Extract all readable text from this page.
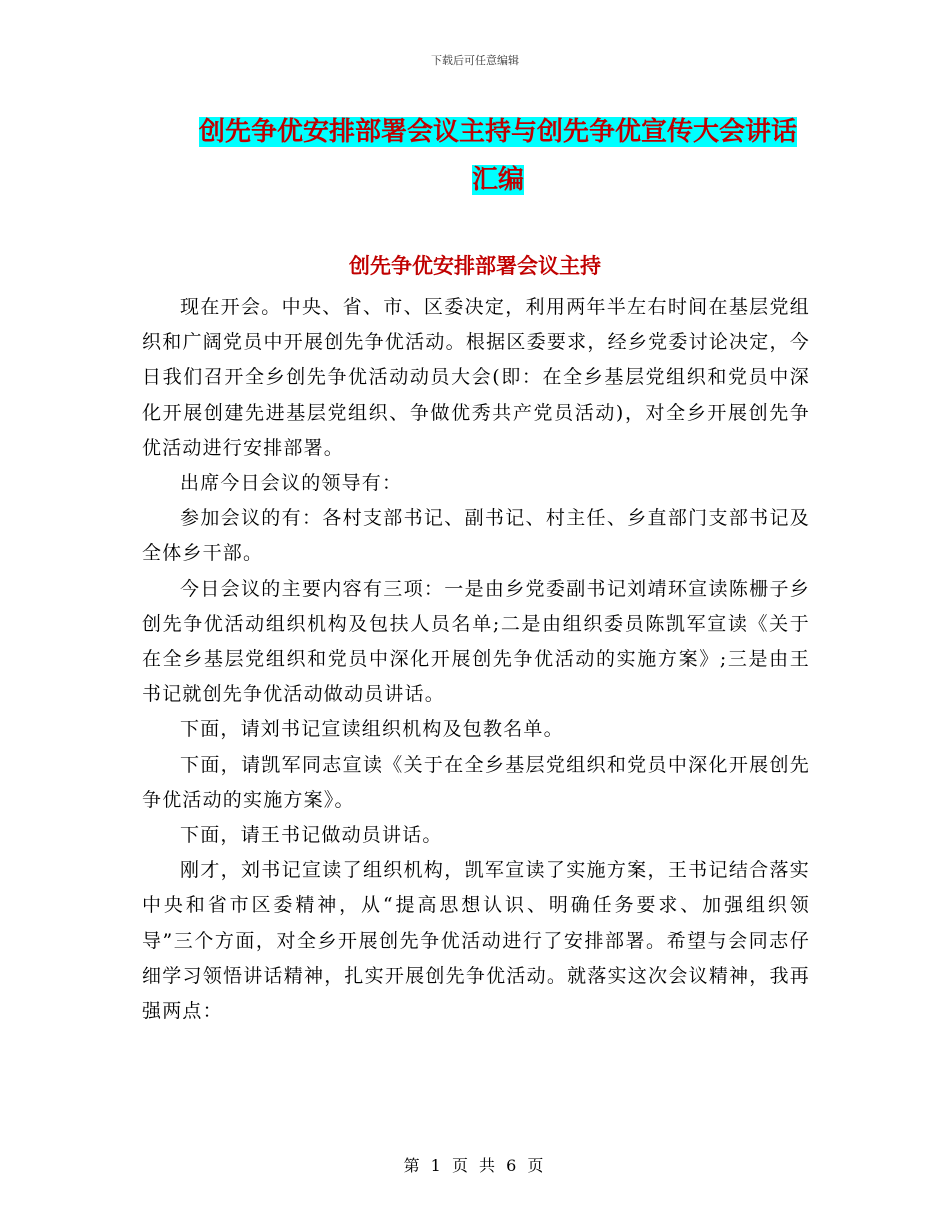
下载后可任意编辑
创先争优安排部署会议主持与创先争优宣传大会讲话汇编
创先争优安排部署会议主持

现在开会。中央、省、市、区委决定，利用两年半左右时间在基层党组织和广阔党员中开展创先争优活动。根据区委要求，经乡党委讨论决定，今日我们召开全乡创先争优活动动员大会(即：在全乡基层党组织和党员中深化开展创建先进基层党组织、争做优秀共产党员活动)，对全乡开展创先争优活动进行安排部署。

出席今日会议的领导有：

参加会议的有：各村支部书记、副书记、村主任、乡直部门支部书记及全体乡干部。

今日会议的主要内容有三项：一是由乡党委副书记刘靖环宣读陈栅子乡创先争优活动组织机构及包扶人员名单;二是由组织委员陈凯军宣读《关于在全乡基层党组织和党员中深化开展创先争优活动的实施方案》;三是由王书记就创先争优活动做动员讲话。

下面，请刘书记宣读组织机构及包教名单。

下面，请凯军同志宣读《关于在全乡基层党组织和党员中深化开展创先争优活动的实施方案》。

下面，请王书记做动员讲话。

刚才，刘书记宣读了组织机构，凯军宣读了实施方案，王书记结合落实中央和省市区委精神，从“提高思想认识、明确任务要求、加强组织领导”三个方面，对全乡开展创先争优活动进行了安排部署。希望与会同志仔细学习领悟讲话精神，扎实开展创先争优活动。就落实这次会议精神，我再强两点：

第 1 页 共 6 页
